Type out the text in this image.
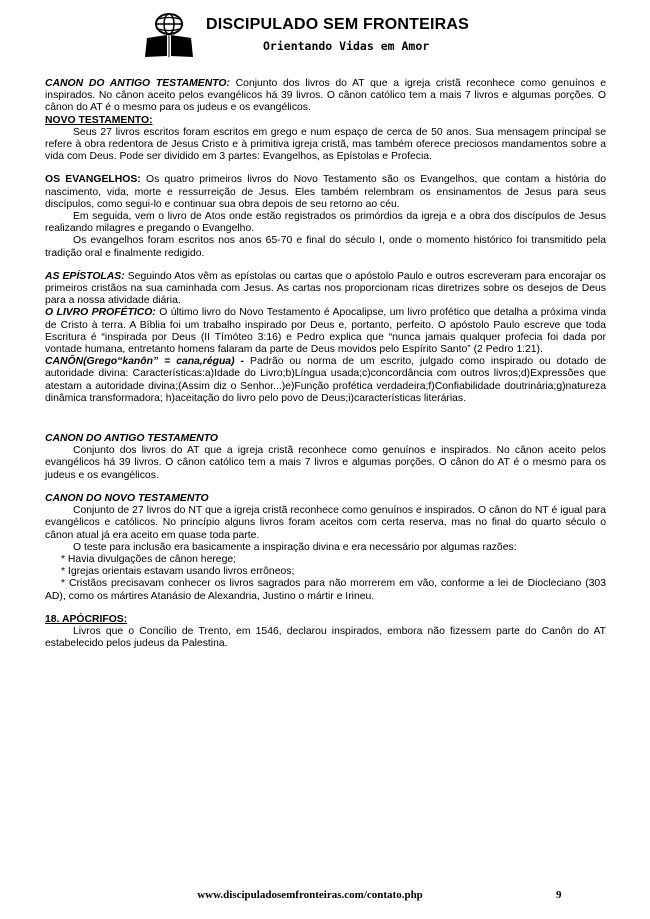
DISCIPULADO SEM FRONTEIRAS
Orientando Vidas em Amor

CANON DO ANTIGO TESTAMENTO: Conjunto dos livros do AT que a igreja cristã reconhece como genuínos e inspirados. No cânon aceito pelos evangélicos há 39 livros. O cânon católico tem a mais 7 livros e algumas porções. O cânon do AT é o mesmo para os judeus e os evangélicos.

NOVO TESTAMENTO:

Seus 27 livros escritos foram escritos em grego e num espaço de cerca de 50 anos. Sua mensagem principal se refere à obra redentora de Jesus Cristo e à primitiva igreja cristã, mas também oferece preciosos mandamentos sobre a vida com Deus. Pode ser dividido em 3 partes: Evangelhos, as Epístolas e Profecia.

OS EVANGELHOS: Os quatro primeiros livros do Novo Testamento são os Evangelhos, que contam a história do nascimento, vida, morte e ressurreição de Jesus. Eles também relembram os ensinamentos de Jesus para seus discípulos, como segui-lo e continuar sua obra depois de seu retorno ao céu.

Em seguida, vem o livro de Atos onde estão registrados os primórdios da igreja e a obra dos discípulos de Jesus realizando milagres e pregando o Evangelho.

Os evangelhos foram escritos nos anos 65-70 e final do século I, onde o momento histórico foi transmitido pela tradição oral e finalmente redigido.

AS EPÍSTOLAS: Seguindo Atos vêm as epístolas ou cartas que o apóstolo Paulo e outros escreveram para encorajar os primeiros cristãos na sua caminhada com Jesus. As cartas nos proporcionam ricas diretrizes sobre os desejos de Deus para a nossa atividade diária.

O LIVRO PROFÉTICO: O último livro do Novo Testamento é Apocalipse, um livro profético que detalha a próxima vinda de Cristo à terra. A Bíblia foi um trabalho inspirado por Deus e, portanto, perfeito. O apóstolo Paulo escreve que toda Escritura é “inspirada por Deus (II Tímóteo 3:16) e Pedro explica que “nunca jamais qualquer profecia foi dada por vontade humana, entretanto homens falaram da parte de Deus movidos pelo Espírito Santo” (2 Pedro 1:21).

CANÔN(Grego“kanôn” = cana,régua) - Padrão ou norma de um escrito, julgado como inspirado ou dotado de autoridade divina: Características:a)Idade do Livro;b)Língua usada;c)concordância com outros livros;d)Expressões que atestam a autoridade divina;(Assim diz o Senhor...)e)Função profética verdadeira;f)Confiabilidade doutrinária;g)natureza dinâmica transformadora; h)aceitação do livro pelo povo de Deus;i)características literárias.

CANON DO ANTIGO TESTAMENTO

Conjunto dos livros do AT que a igreja cristã reconhece como genuínos e inspirados. No cânon aceito pelos evangélicos há 39 livros. O cânon católico tem a mais 7 livros e algumas porções. O cânon do AT é o mesmo para os judeus e os evangélicos.

CANON DO NOVO TESTAMENTO

Conjunto de 27 livros do NT que a igreja cristã reconhece como genuínos e inspirados. O cânon do NT é igual para evangélicos e católicos. No princípio alguns livros foram aceitos com certa reserva, mas no final do quarto século o cânon atual já era aceito em quase toda parte.

O teste para inclusão era basicamente a inspiração divina e era necessário por algumas razões:

* Havia divulgações de cânon herege;

* Igrejas orientais estavam usando livros errôneos;

* Cristãos precisavam conhecer os livros sagrados para não morrerem em vão, conforme a lei de Diocleciano (303 AD), como os mártires Atanásio de Alexandria, Justino o mártir e Irineu.

18. APÓCRIFOS:

Livros que o Concílio de Trento, em 1546, declarou inspirados, embora não fizessem parte do Canôn do AT estabelecido pelos judeus da Palestina.

www.discipuladosemfronteiras.com/contato.php	9
